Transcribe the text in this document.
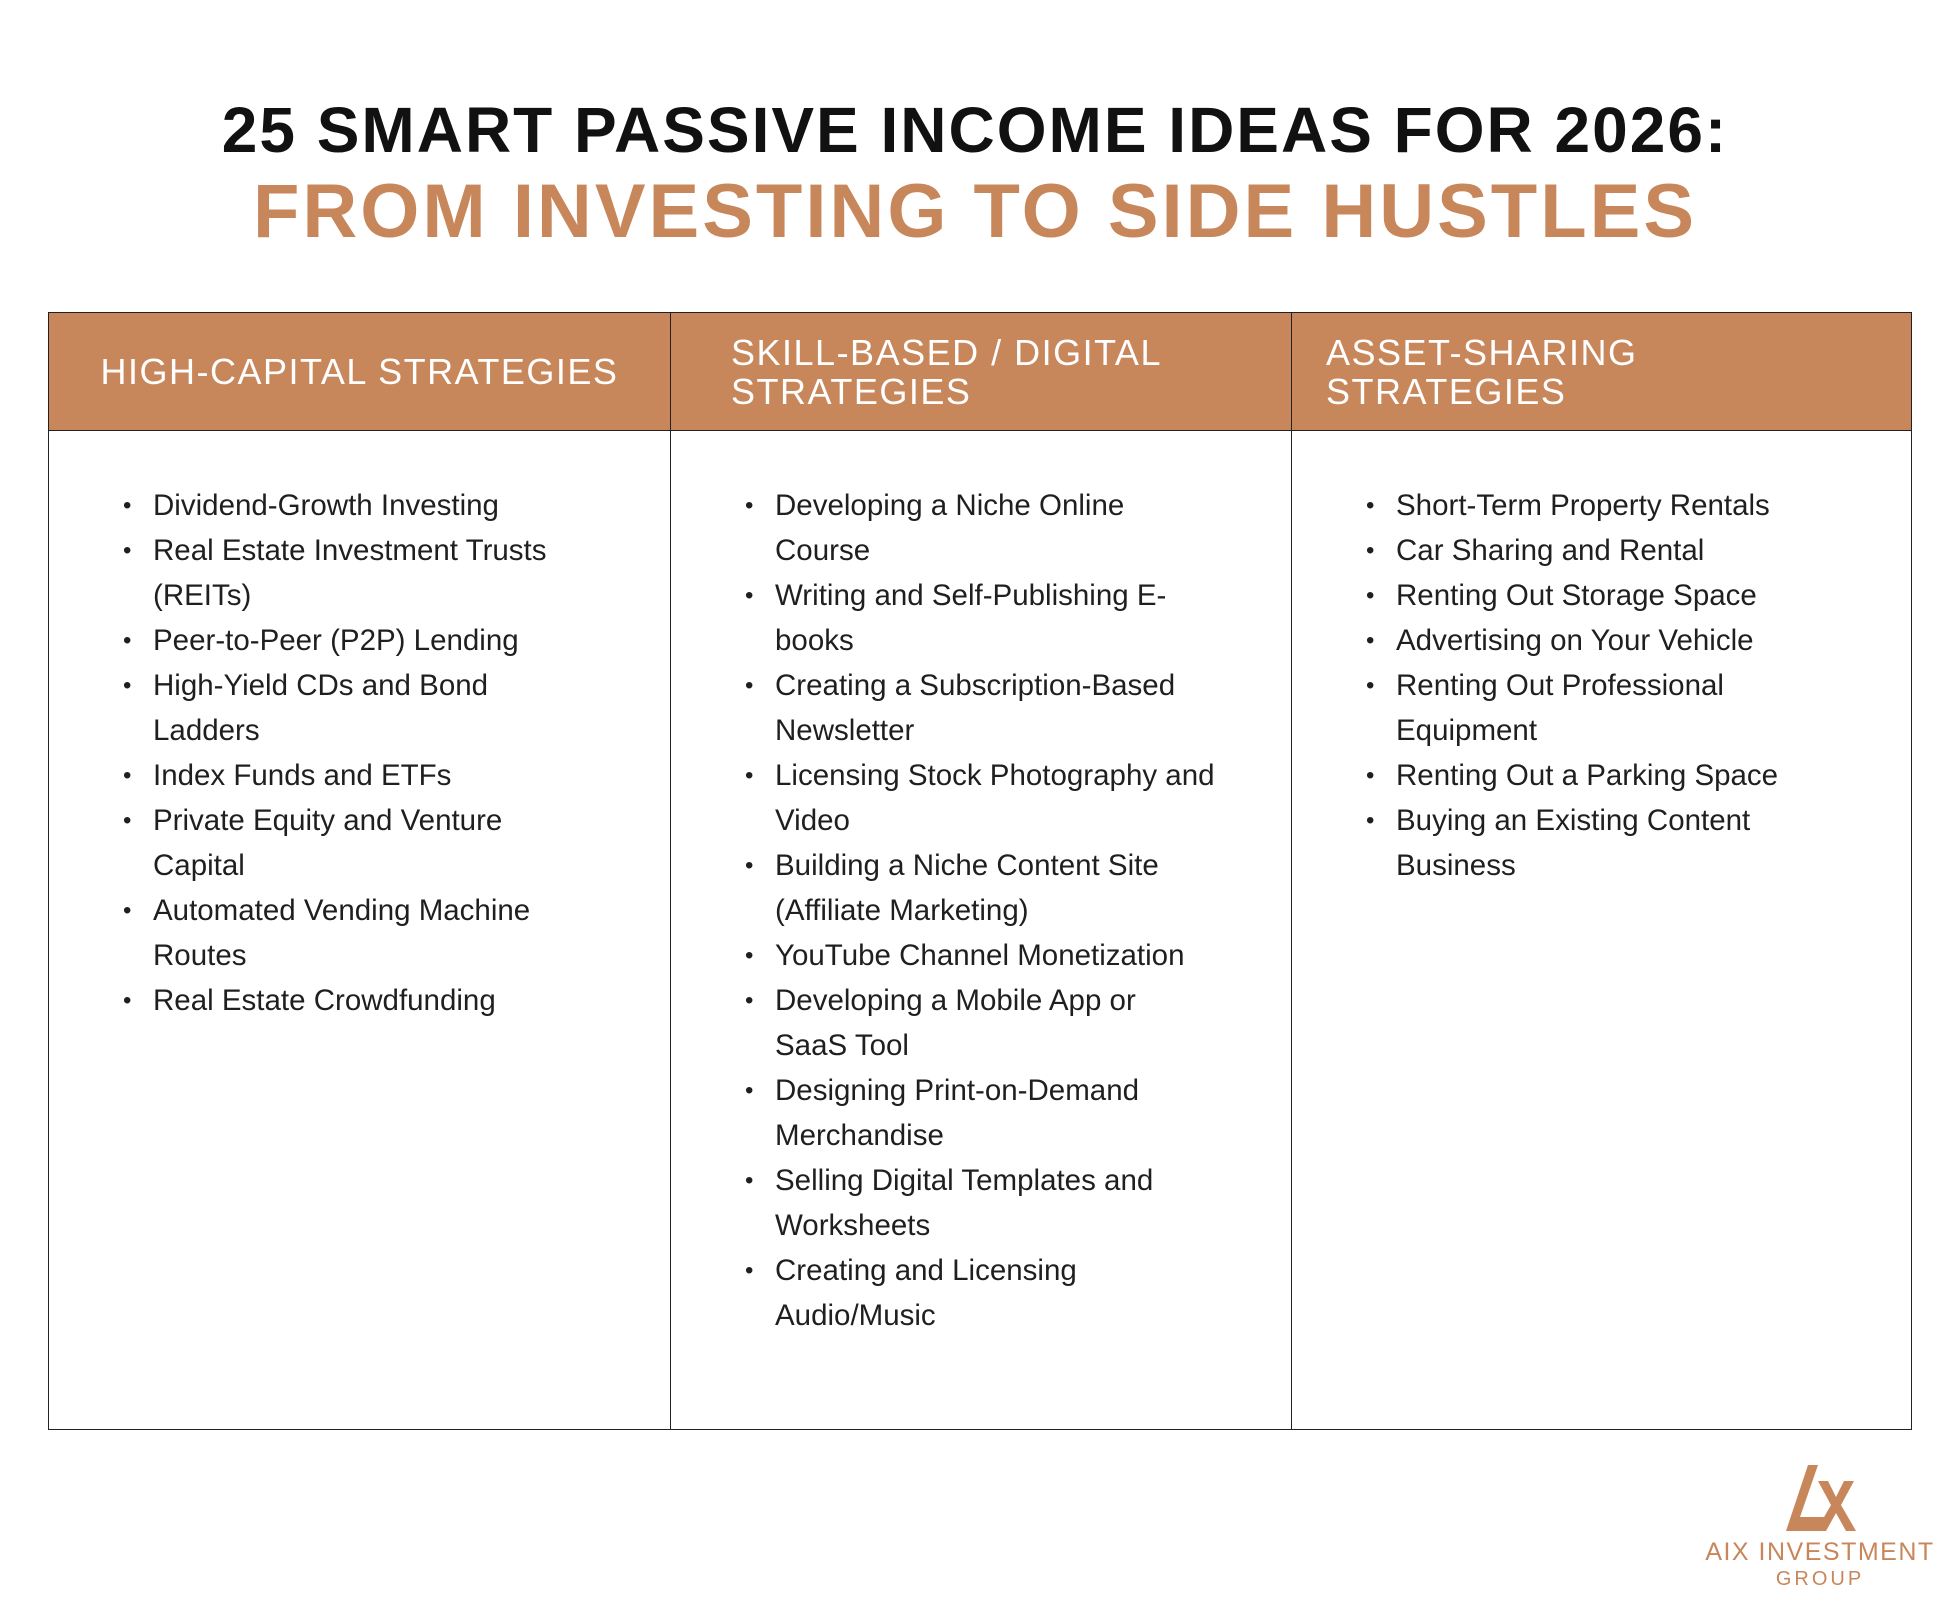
25 SMART PASSIVE INCOME IDEAS FOR 2026:
FROM INVESTING TO SIDE HUSTLES
HIGH-CAPITAL STRATEGIES	SKILL-BASED / DIGITAL STRATEGIES
ASSET-SHARING STRATEGIES
• Dividend-Growth Investing
• Real Estate Investment Trusts (REITs)
• Peer-to-Peer (P2P) Lending
• High-Yield CDs and Bond Ladders
• Index Funds and ETFs
• Private Equity and Venture Capital
• Automated Vending Machine Routes
• Real Estate Crowdfunding
• Developing a Niche Online Course
• Writing and Self-Publishing E-books
• Creating a Subscription-Based Newsletter
• Licensing Stock Photography and Video
• Building a Niche Content Site (Affiliate Marketing)
• YouTube Channel Monetization
• Developing a Mobile App or SaaS Tool
• Designing Print-on-Demand Merchandise
• Selling Digital Templates and Worksheets
• Creating and Licensing Audio/Music
• Short-Term Property Rentals
• Car Sharing and Rental
• Renting Out Storage Space
• Advertising on Your Vehicle
• Renting Out Professional Equipment
• Renting Out a Parking Space
• Buying an Existing Content Business
AIX INVESTMENT
GROUP
